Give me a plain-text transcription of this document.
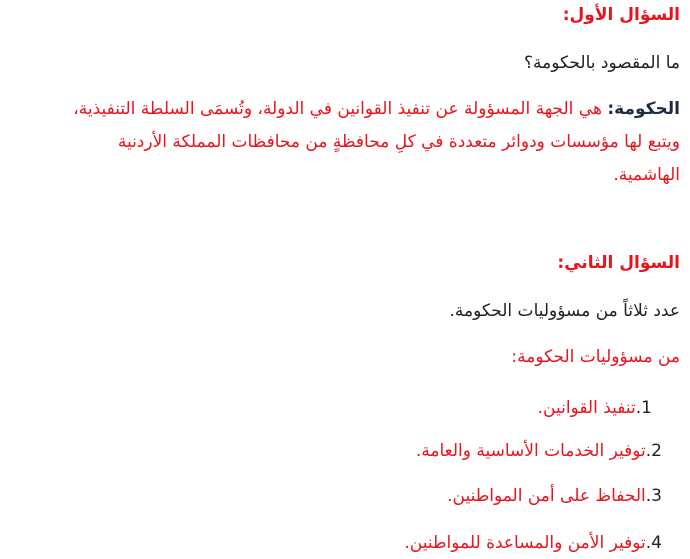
السؤال الأول:
ما المقصود بالحكومة؟
الحكومة: هي الجهة المسؤولة عن تنفيذ القوانين في الدولة، وتُسمَى السلطة التنفيذية،
ويتبع لها مؤسسات ودوائر متعددة في كلِ محافظةٍ من محافظات المملكة الأردنية
الهاشمية.
السؤال الثاني:
عدد ثلاثاً من مسؤوليات الحكومة.
من مسؤوليات الحكومة:
1.تنفيذ القوانين.
2.توفير الخدمات الأساسية والعامة.
3.الحفاظ على أمن المواطنين.
4.توفير الأمن والمساعدة للمواطنين.
